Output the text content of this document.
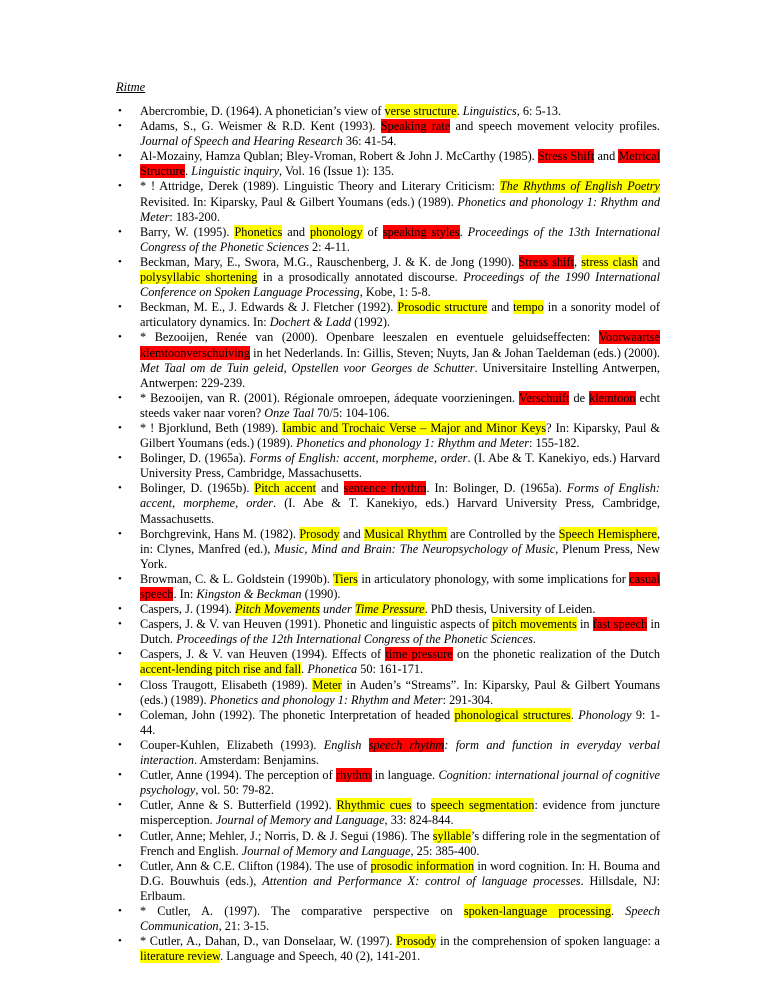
Ritme
• Abercrombie, D. (1964). A phonetician’s view of verse structure. Linguistics, 6: 5-13.
• Adams, S., G. Weismer & R.D. Kent (1993). Speaking rate and speech movement velocity profiles. Journal of Speech and Hearing Research 36: 41-54.
• Al-Mozainy, Hamza Qublan; Bley-Vroman, Robert & John J. McCarthy (1985). Stress Shift and Metrical Structure. Linguistic inquiry, Vol. 16 (Issue 1): 135.
• * ! Attridge, Derek (1989). Linguistic Theory and Literary Criticism: The Rhythms of English Poetry Revisited. In: Kiparsky, Paul & Gilbert Youmans (eds.) (1989). Phonetics and phonology 1: Rhythm and Meter: 183-200.
• Barry, W. (1995). Phonetics and phonology of speaking styles. Proceedings of the 13th International Congress of the Phonetic Sciences 2: 4-11.
• Beckman, Mary, E., Swora, M.G., Rauschenberg, J. & K. de Jong (1990). Stress shift, stress clash and polysyllabic shortening in a prosodically annotated discourse. Proceedings of the 1990 International Conference on Spoken Language Processing, Kobe, 1: 5-8.
• Beckman, M. E., J. Edwards & J. Fletcher (1992). Prosodic structure and tempo in a sonority model of articulatory dynamics. In: Dochert & Ladd (1992).
• * Bezooijen, Renée van (2000). Openbare leeszalen en eventuele geluidseffecten: Voorwaartse klemtoonverschuiving in het Nederlands. In: Gillis, Steven; Nuyts, Jan & Johan Taeldeman (eds.) (2000). Met Taal om de Tuin geleid, Opstellen voor Georges de Schutter. Universitaire Instelling Antwerpen, Antwerpen: 229-239.
• * Bezooijen, van R. (2001). Régionale omroepen, ádequate voorzieningen. Verschuift de klemtoon echt steeds vaker naar voren? Onze Taal 70/5: 104-106.
• * ! Bjorklund, Beth (1989). Iambic and Trochaic Verse – Major and Minor Keys? In: Kiparsky, Paul & Gilbert Youmans (eds.) (1989). Phonetics and phonology 1: Rhythm and Meter: 155-182.
• Bolinger, D. (1965a). Forms of English: accent, morpheme, order. (I. Abe & T. Kanekiyo, eds.) Harvard University Press, Cambridge, Massachusetts.
• Bolinger, D. (1965b). Pitch accent and sentence rhythm. In: Bolinger, D. (1965a). Forms of English: accent, morpheme, order. (I. Abe & T. Kanekiyo, eds.) Harvard University Press, Cambridge, Massachusetts.
• Borchgrevink, Hans M. (1982). Prosody and Musical Rhythm are Controlled by the Speech Hemisphere, in: Clynes, Manfred (ed.), Music, Mind and Brain: The Neuropsychology of Music, Plenum Press, New York.
• Browman, C. & L. Goldstein (1990b). Tiers in articulatory phonology, with some implications for casual speech. In: Kingston & Beckman (1990).
• Caspers, J. (1994). Pitch Movements under Time Pressure. PhD thesis, University of Leiden.
• Caspers, J. & V. van Heuven (1991). Phonetic and linguistic aspects of pitch movements in fast speech in Dutch. Proceedings of the 12th International Congress of the Phonetic Sciences.
• Caspers, J. & V. van Heuven (1994). Effects of time pressure on the phonetic realization of the Dutch accent-lending pitch rise and fall. Phonetica 50: 161-171.
• Closs Traugott, Elisabeth (1989). Meter in Auden’s “Streams”. In: Kiparsky, Paul & Gilbert Youmans (eds.) (1989). Phonetics and phonology 1: Rhythm and Meter: 291-304.
• Coleman, John (1992). The phonetic Interpretation of headed phonological structures. Phonology 9: 1-44.
• Couper-Kuhlen, Elizabeth (1993). English speech rhythm: form and function in everyday verbal interaction. Amsterdam: Benjamins.
• Cutler, Anne (1994). The perception of rhythm in language. Cognition: international journal of cognitive psychology, vol. 50: 79-82.
• Cutler, Anne & S. Butterfield (1992). Rhythmic cues to speech segmentation: evidence from juncture misperception. Journal of Memory and Language, 33: 824-844.
• Cutler, Anne; Mehler, J.; Norris, D. & J. Segui (1986). The syllable’s differing role in the segmentation of French and English. Journal of Memory and Language, 25: 385-400.
• Cutler, Ann & C.E. Clifton (1984). The use of prosodic information in word cognition. In: H. Bouma and D.G. Bouwhuis (eds.), Attention and Performance X: control of language processes. Hillsdale, NJ: Erlbaum.
• * Cutler, A. (1997). The comparative perspective on spoken-language processing. Speech Communication, 21: 3-15.
• * Cutler, A., Dahan, D., van Donselaar, W. (1997). Prosody in the comprehension of spoken language: a literature review. Language and Speech, 40 (2), 141-201.
